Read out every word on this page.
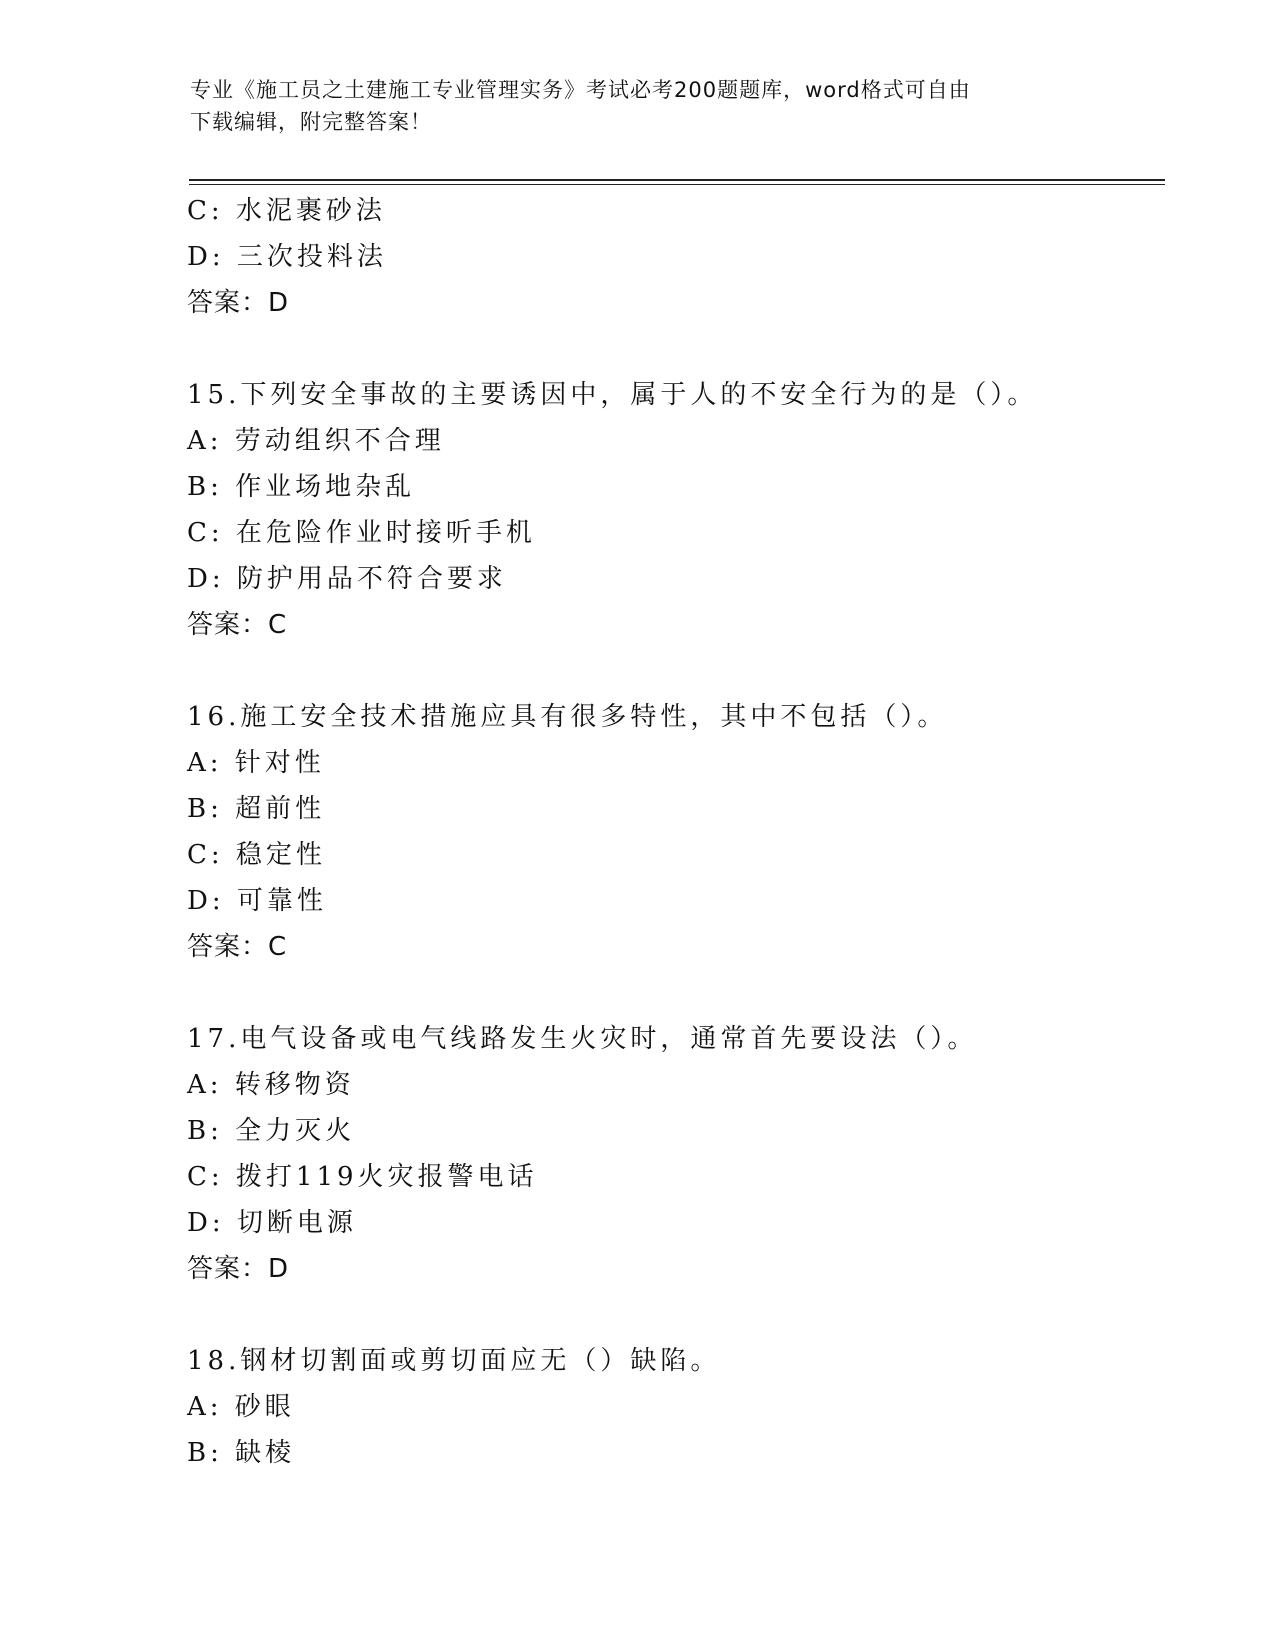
专业《施工员之土建施工专业管理实务》考试必考200题题库，word格式可自由
下载编辑，附完整答案！
C: 水泥裹砂法
D: 三次投料法
答案：D
15.下列安全事故的主要诱因中，属于人的不安全行为的是（）。
A: 劳动组织不合理
B: 作业场地杂乱
C: 在危险作业时接听手机
D: 防护用品不符合要求
答案：C
16.施工安全技术措施应具有很多特性，其中不包括（）。
A: 针对性
B: 超前性
C: 稳定性
D: 可靠性
答案：C
17.电气设备或电气线路发生火灾时，通常首先要设法（）。
A: 转移物资
B: 全力灭火
C: 拨打119火灾报警电话
D: 切断电源
答案：D
18.钢材切割面或剪切面应无（）缺陷。
A: 砂眼
B: 缺棱
